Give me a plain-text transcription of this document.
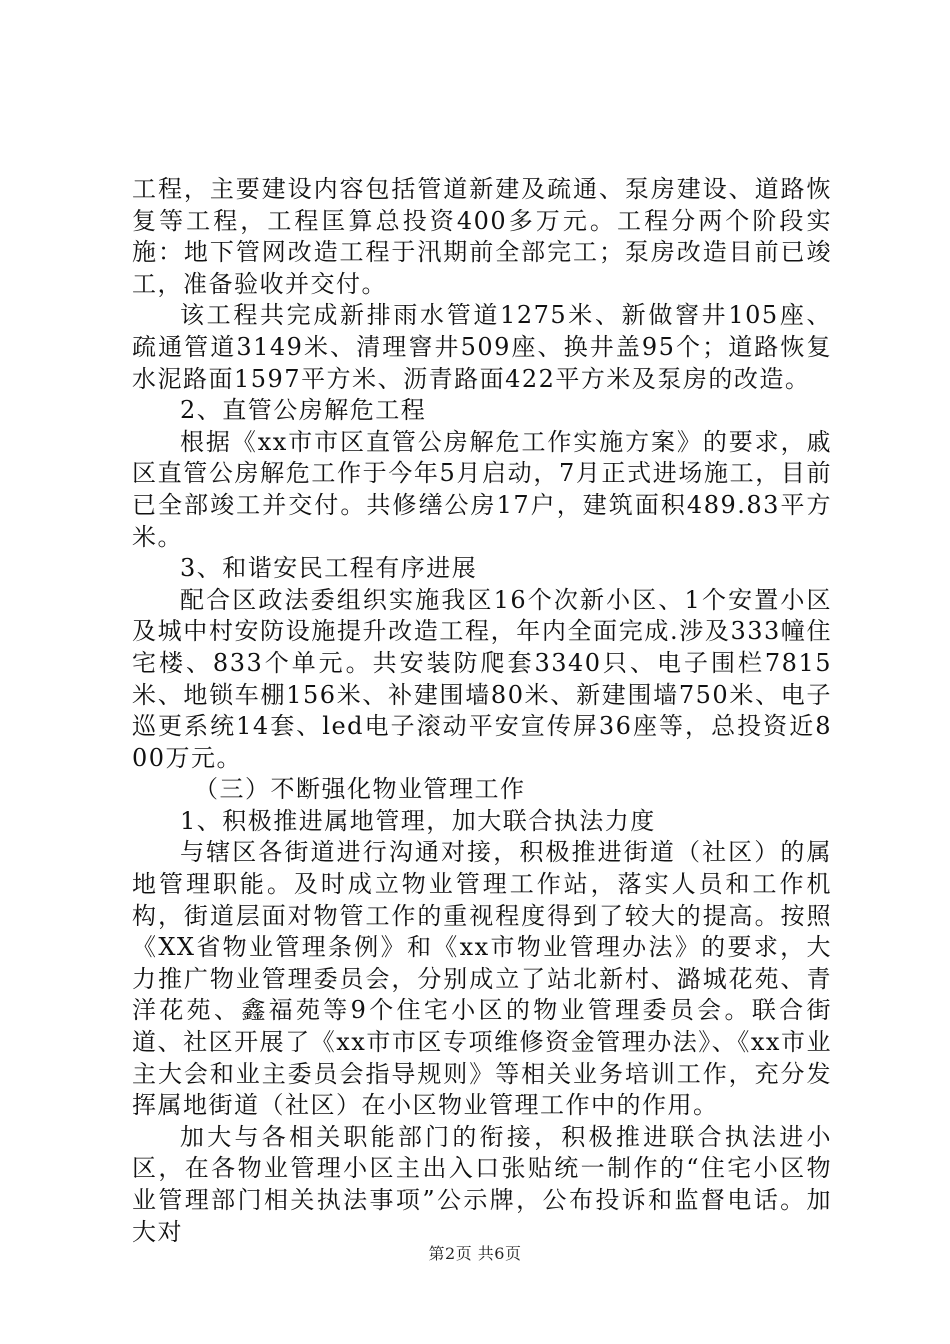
工程，主要建设内容包括管道新建及疏通、泵房建设、道路恢复等工程，工程匡算总投资400多万元。工程分两个阶段实施：地下管网改造工程于汛期前全部完工；泵房改造目前已竣工，准备验收并交付。

该工程共完成新排雨水管道1275米、新做窨井105座、疏通管道3149米、清理窨井509座、换井盖95个；道路恢复水泥路面1597平方米、沥青路面422平方米及泵房的改造。

2、直管公房解危工程

根据《xx市市区直管公房解危工作实施方案》的要求，戚区直管公房解危工作于今年5月启动，7月正式进场施工，目前已全部竣工并交付。共修缮公房17户，建筑面积489.83平方米。

3、和谐安民工程有序进展

配合区政法委组织实施我区16个次新小区、1个安置小区及城中村安防设施提升改造工程，年内全面完成.涉及333幢住宅楼、833个单元。共安装防爬套3340只、电子围栏7815米、地锁车棚156米、补建围墙80米、新建围墙750米、电子巡更系统14套、led电子滚动平安宣传屏36座等，总投资近800万元。

（三）不断强化物业管理工作

1、积极推进属地管理，加大联合执法力度

与辖区各街道进行沟通对接，积极推进街道（社区）的属地管理职能。及时成立物业管理工作站，落实人员和工作机构，街道层面对物管工作的重视程度得到了较大的提高。按照《XX省物业管理条例》和《xx市物业管理办法》的要求，大力推广物业管理委员会，分别成立了站北新村、潞城花苑、青洋花苑、鑫福苑等9个住宅小区的物业管理委员会。联合街道、社区开展了《xx市市区专项维修资金管理办法》、《xx市业主大会和业主委员会指导规则》等相关业务培训工作，充分发挥属地街道（社区）在小区物业管理工作中的作用。

加大与各相关职能部门的衔接，积极推进联合执法进小区，在各物业管理小区主出入口张贴统一制作的“住宅小区物业管理部门相关执法事项”公示牌，公布投诉和监督电话。加大对

第2页 共6页
